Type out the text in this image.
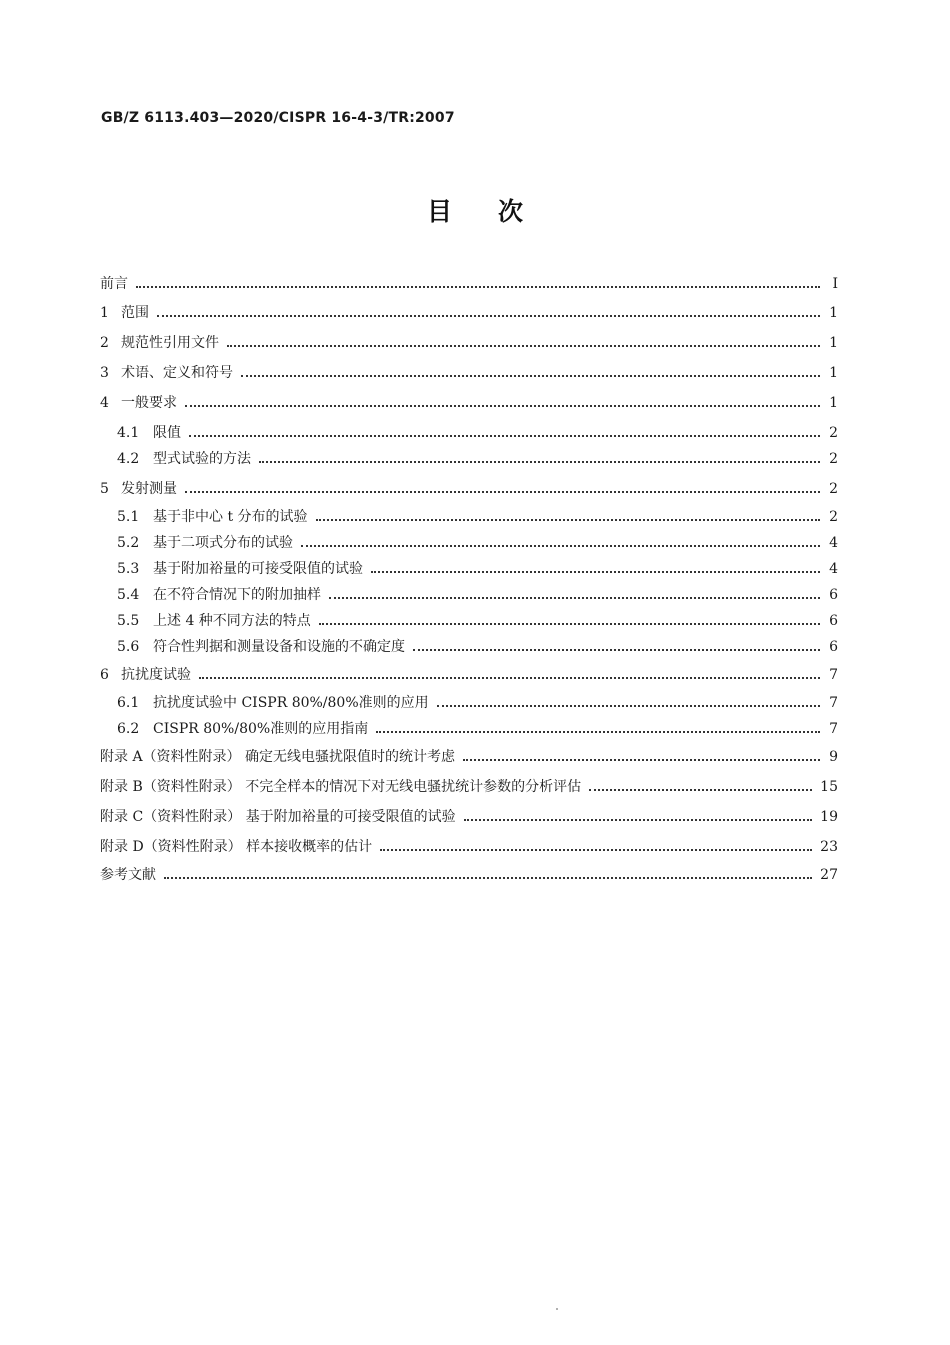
GB/Z 6113.403—2020/CISPR 16-4-3/TR:2007
目次
前言	Ⅰ
1 范围	1
2 规范性引用文件	1
3 术语、定义和符号	1
4 一般要求	1
4.1 限值	2
4.2 型式试验的方法	2
5 发射测量	2
5.1 基于非中心 t 分布的试验	2
5.2 基于二项式分布的试验	4
5.3 基于附加裕量的可接受限值的试验	4
5.4 在不符合情况下的附加抽样	6
5.5 上述 4 种不同方法的特点	6
5.6 符合性判据和测量设备和设施的不确定度	6
6 抗扰度试验	7
6.1 抗扰度试验中 CISPR 80%/80%准则的应用	7
6.2 CISPR 80%/80%准则的应用指南	7
附录 A（资料性附录） 确定无线电骚扰限值时的统计考虑	9
附录 B（资料性附录） 不完全样本的情况下对无线电骚扰统计参数的分析评估	15
附录 C（资料性附录） 基于附加裕量的可接受限值的试验	19
附录 D（资料性附录） 样本接收概率的估计	23
参考文献	27
